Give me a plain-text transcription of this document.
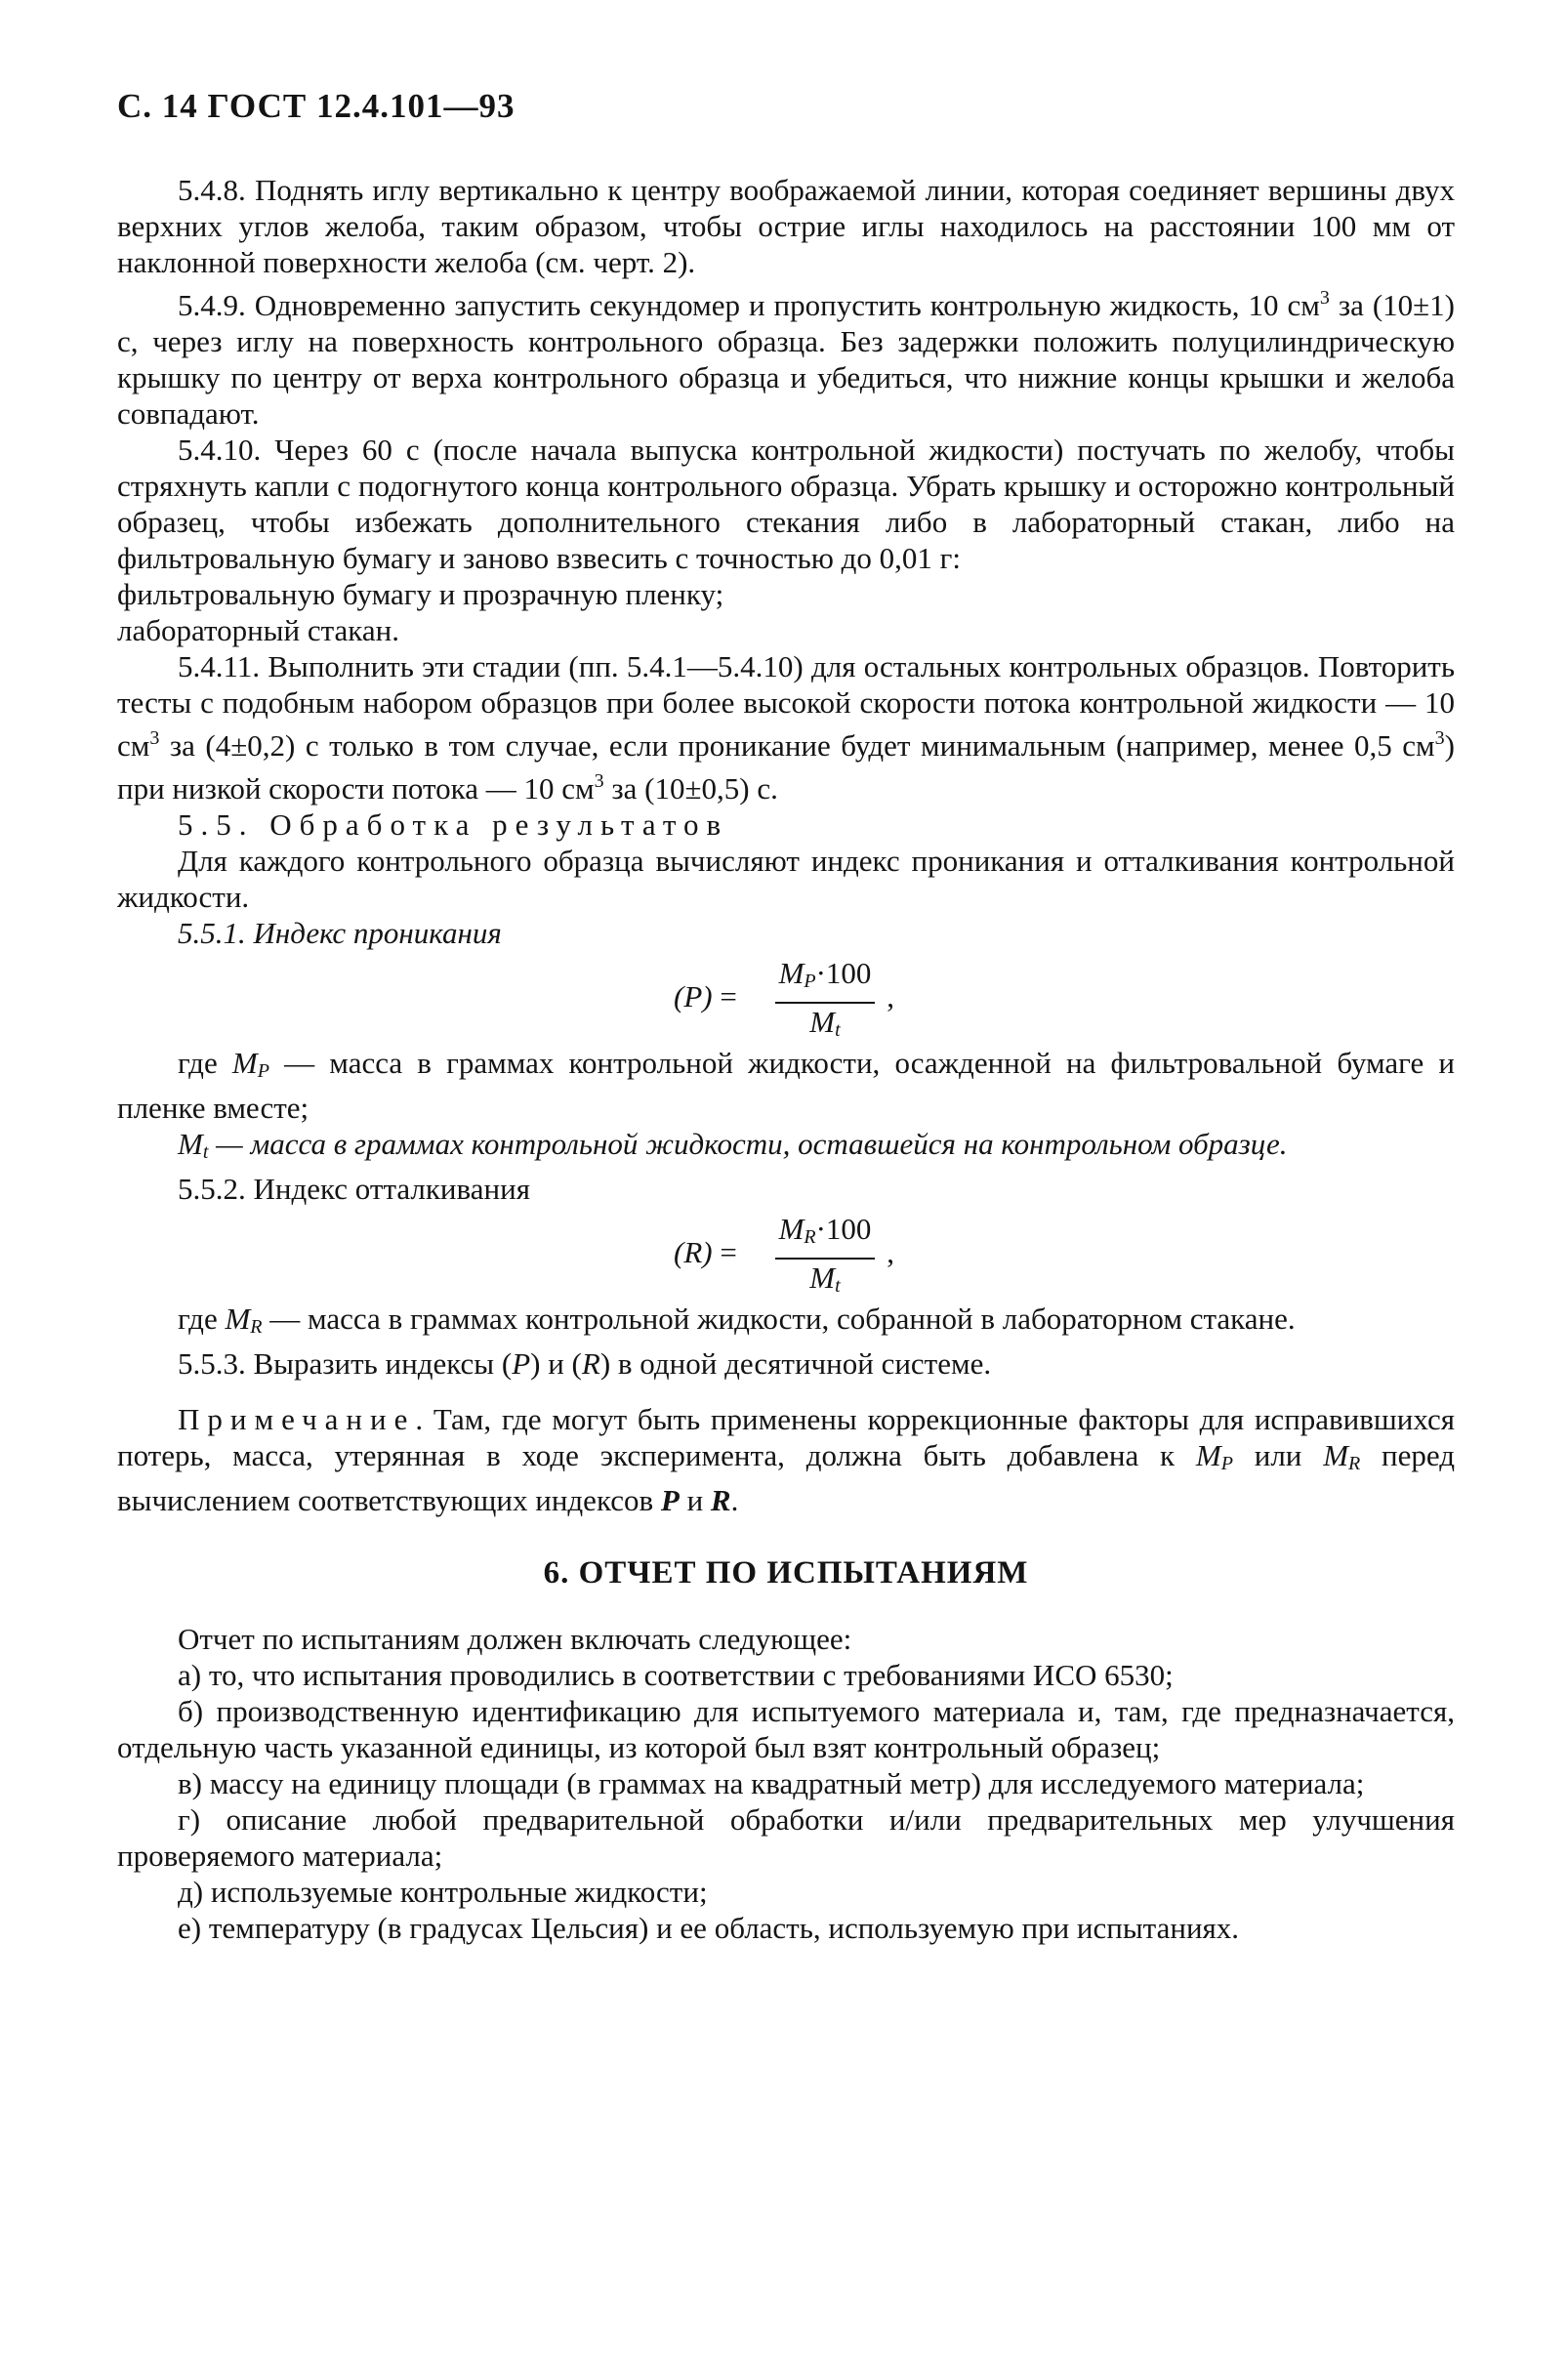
С. 14 ГОСТ 12.4.101—93

5.4.8. Поднять иглу вертикально к центру воображаемой линии, которая соединяет вершины двух верхних углов желоба, таким образом, чтобы острие иглы находилось на расстоянии 100 мм от наклонной поверхности желоба (см. черт. 2).

5.4.9. Одновременно запустить секундомер и пропустить контрольную жидкость, 10 $см^3$ за (10±1) с, через иглу на поверхность контрольного образца. Без задержки положить полуцилиндрическую крышку по центру от верха контрольного образца и убедиться, что нижние концы крышки и желоба совпадают.

5.4.10. Через 60 с (после начала выпуска контрольной жидкости) постучать по желобу, чтобы стряхнуть капли с подогнутого конца контрольного образца. Убрать крышку и осторожно контрольный образец, чтобы избежать дополнительного стекания либо в лабораторный стакан, либо на фильтровальную бумагу и заново взвесить с точностью до 0,01 г:

фильтровальную бумагу и прозрачную пленку;

лабораторный стакан.

5.4.11. Выполнить эти стадии (пп. 5.4.1—5.4.10) для остальных контрольных образцов. Повторить тесты с подобным набором образцов при более высокой скорости потока контрольной жидкости — 10 $см^3$ за (4±0,2) с только в том случае, если проникание будет минимальным (например, менее 0,5 $см^3$) при низкой скорости потока — 10 $см^3$ за (10±0,5) с.

5.5. Обработка результатов

Для каждого контрольного образца вычисляют индекс проникания и отталкивания контрольной жидкости.

5.5.1. Индекс проникания

(P) =
$M_P\cdot 100$
$M_t$
,

где $M_P$ — масса в граммах контрольной жидкости, осажденной на фильтровальной бумаге и пленке вместе;

$M_t$ — масса в граммах контрольной жидкости, оставшейся на контрольном образце.

5.5.2. Индекс отталкивания

(R) =
$M_R\cdot 100$
$M_t$
,

где $M_R$ — масса в граммах контрольной жидкости, собранной в лабораторном стакане.

5.5.3. Выразить индексы (P) и (R) в одной десятичной системе.

Примечание. Там, где могут быть применены коррекционные факторы для исправившихся потерь, масса, утерянная в ходе эксперимента, должна быть добавлена к $M_P$ или $M_R$ перед вычислением соответствующих индексов P и R.

6. ОТЧЕТ ПО ИСПЫТАНИЯМ

Отчет по испытаниям должен включать следующее:

а) то, что испытания проводились в соответствии с требованиями ИСО 6530;

б) производственную идентификацию для испытуемого материала и, там, где предназначается, отдельную часть указанной единицы, из которой был взят контрольный образец;

в) массу на единицу площади (в граммах на квадратный метр) для исследуемого материала;

г) описание любой предварительной обработки и/или предварительных мер улучшения проверяемого материала;

д) используемые контрольные жидкости;

е) температуру (в градусах Цельсия) и ее область, используемую при испытаниях.
